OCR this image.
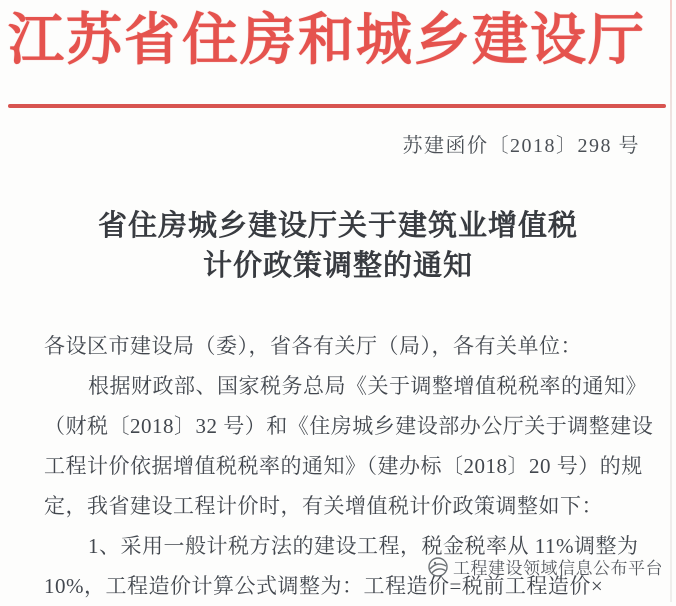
江苏省住房和城乡建设厅
苏建函价〔2018〕298 号
省住房城乡建设厅关于建筑业增值税
计价政策调整的通知
各设区市建设局（委），省各有关厅（局），各有关单位：
根据财政部、国家税务总局《关于调整增值税税率的通知》
（财税〔2018〕32 号）和《住房城乡建设部办公厅关于调整建设
工程计价依据增值税税率的通知》（建办标〔2018〕20 号）的规
定，我省建设工程计价时，有关增值税计价政策调整如下：
1、采用一般计税方法的建设工程，税金税率从 11%调整为
10%，工程造价计算公式调整为：工程造价=税前工程造价×
工程建设领域信息公布平台
